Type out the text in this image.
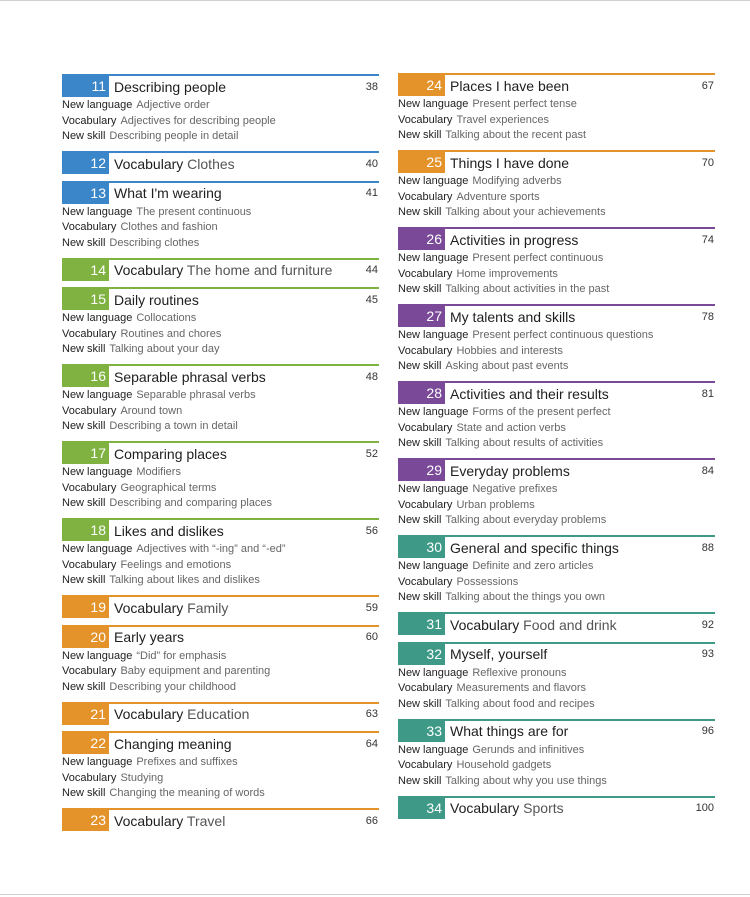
11 Describing people	38
New language Adjective order
Vocabulary Adjectives for describing people
New skill Describing people in detail
12 Vocabulary Clothes	40
13 What I'm wearing	41
New language The present continuous
Vocabulary Clothes and fashion
New skill Describing clothes
14 Vocabulary The home and furniture	44
15 Daily routines	45
New language Collocations
Vocabulary Routines and chores
New skill Talking about your day
16 Separable phrasal verbs	48
New language Separable phrasal verbs
Vocabulary Around town
New skill Describing a town in detail
17 Comparing places	52
New language Modifiers
Vocabulary Geographical terms
New skill Describing and comparing places
18 Likes and dislikes	56
New language Adjectives with “-ing” and “-ed”
Vocabulary Feelings and emotions
New skill Talking about likes and dislikes
19 Vocabulary Family	59
20 Early years	60
New language “Did” for emphasis
Vocabulary Baby equipment and parenting
New skill Describing your childhood
21 Vocabulary Education	63
22 Changing meaning	64
New language Prefixes and suffixes
Vocabulary Studying
New skill Changing the meaning of words
23 Vocabulary Travel	66
24 Places I have been	67
New language Present perfect tense
Vocabulary Travel experiences
New skill Talking about the recent past
25 Things I have done	70
New language Modifying adverbs
Vocabulary Adventure sports
New skill Talking about your achievements
26 Activities in progress	74
New language Present perfect continuous
Vocabulary Home improvements
New skill Talking about activities in the past
27 My talents and skills	78
New language Present perfect continuous questions
Vocabulary Hobbies and interests
New skill Asking about past events
28 Activities and their results	81
New language Forms of the present perfect
Vocabulary State and action verbs
New skill Talking about results of activities
29 Everyday problems	84
New language Negative prefixes
Vocabulary Urban problems
New skill Talking about everyday problems
30 General and specific things	88
New language Definite and zero articles
Vocabulary Possessions
New skill Talking about the things you own
31 Vocabulary Food and drink	92
32 Myself, yourself	93
New language Reflexive pronouns
Vocabulary Measurements and flavors
New skill Talking about food and recipes
33 What things are for	96
New language Gerunds and infinitives
Vocabulary Household gadgets
New skill Talking about why you use things
34 Vocabulary Sports	100
